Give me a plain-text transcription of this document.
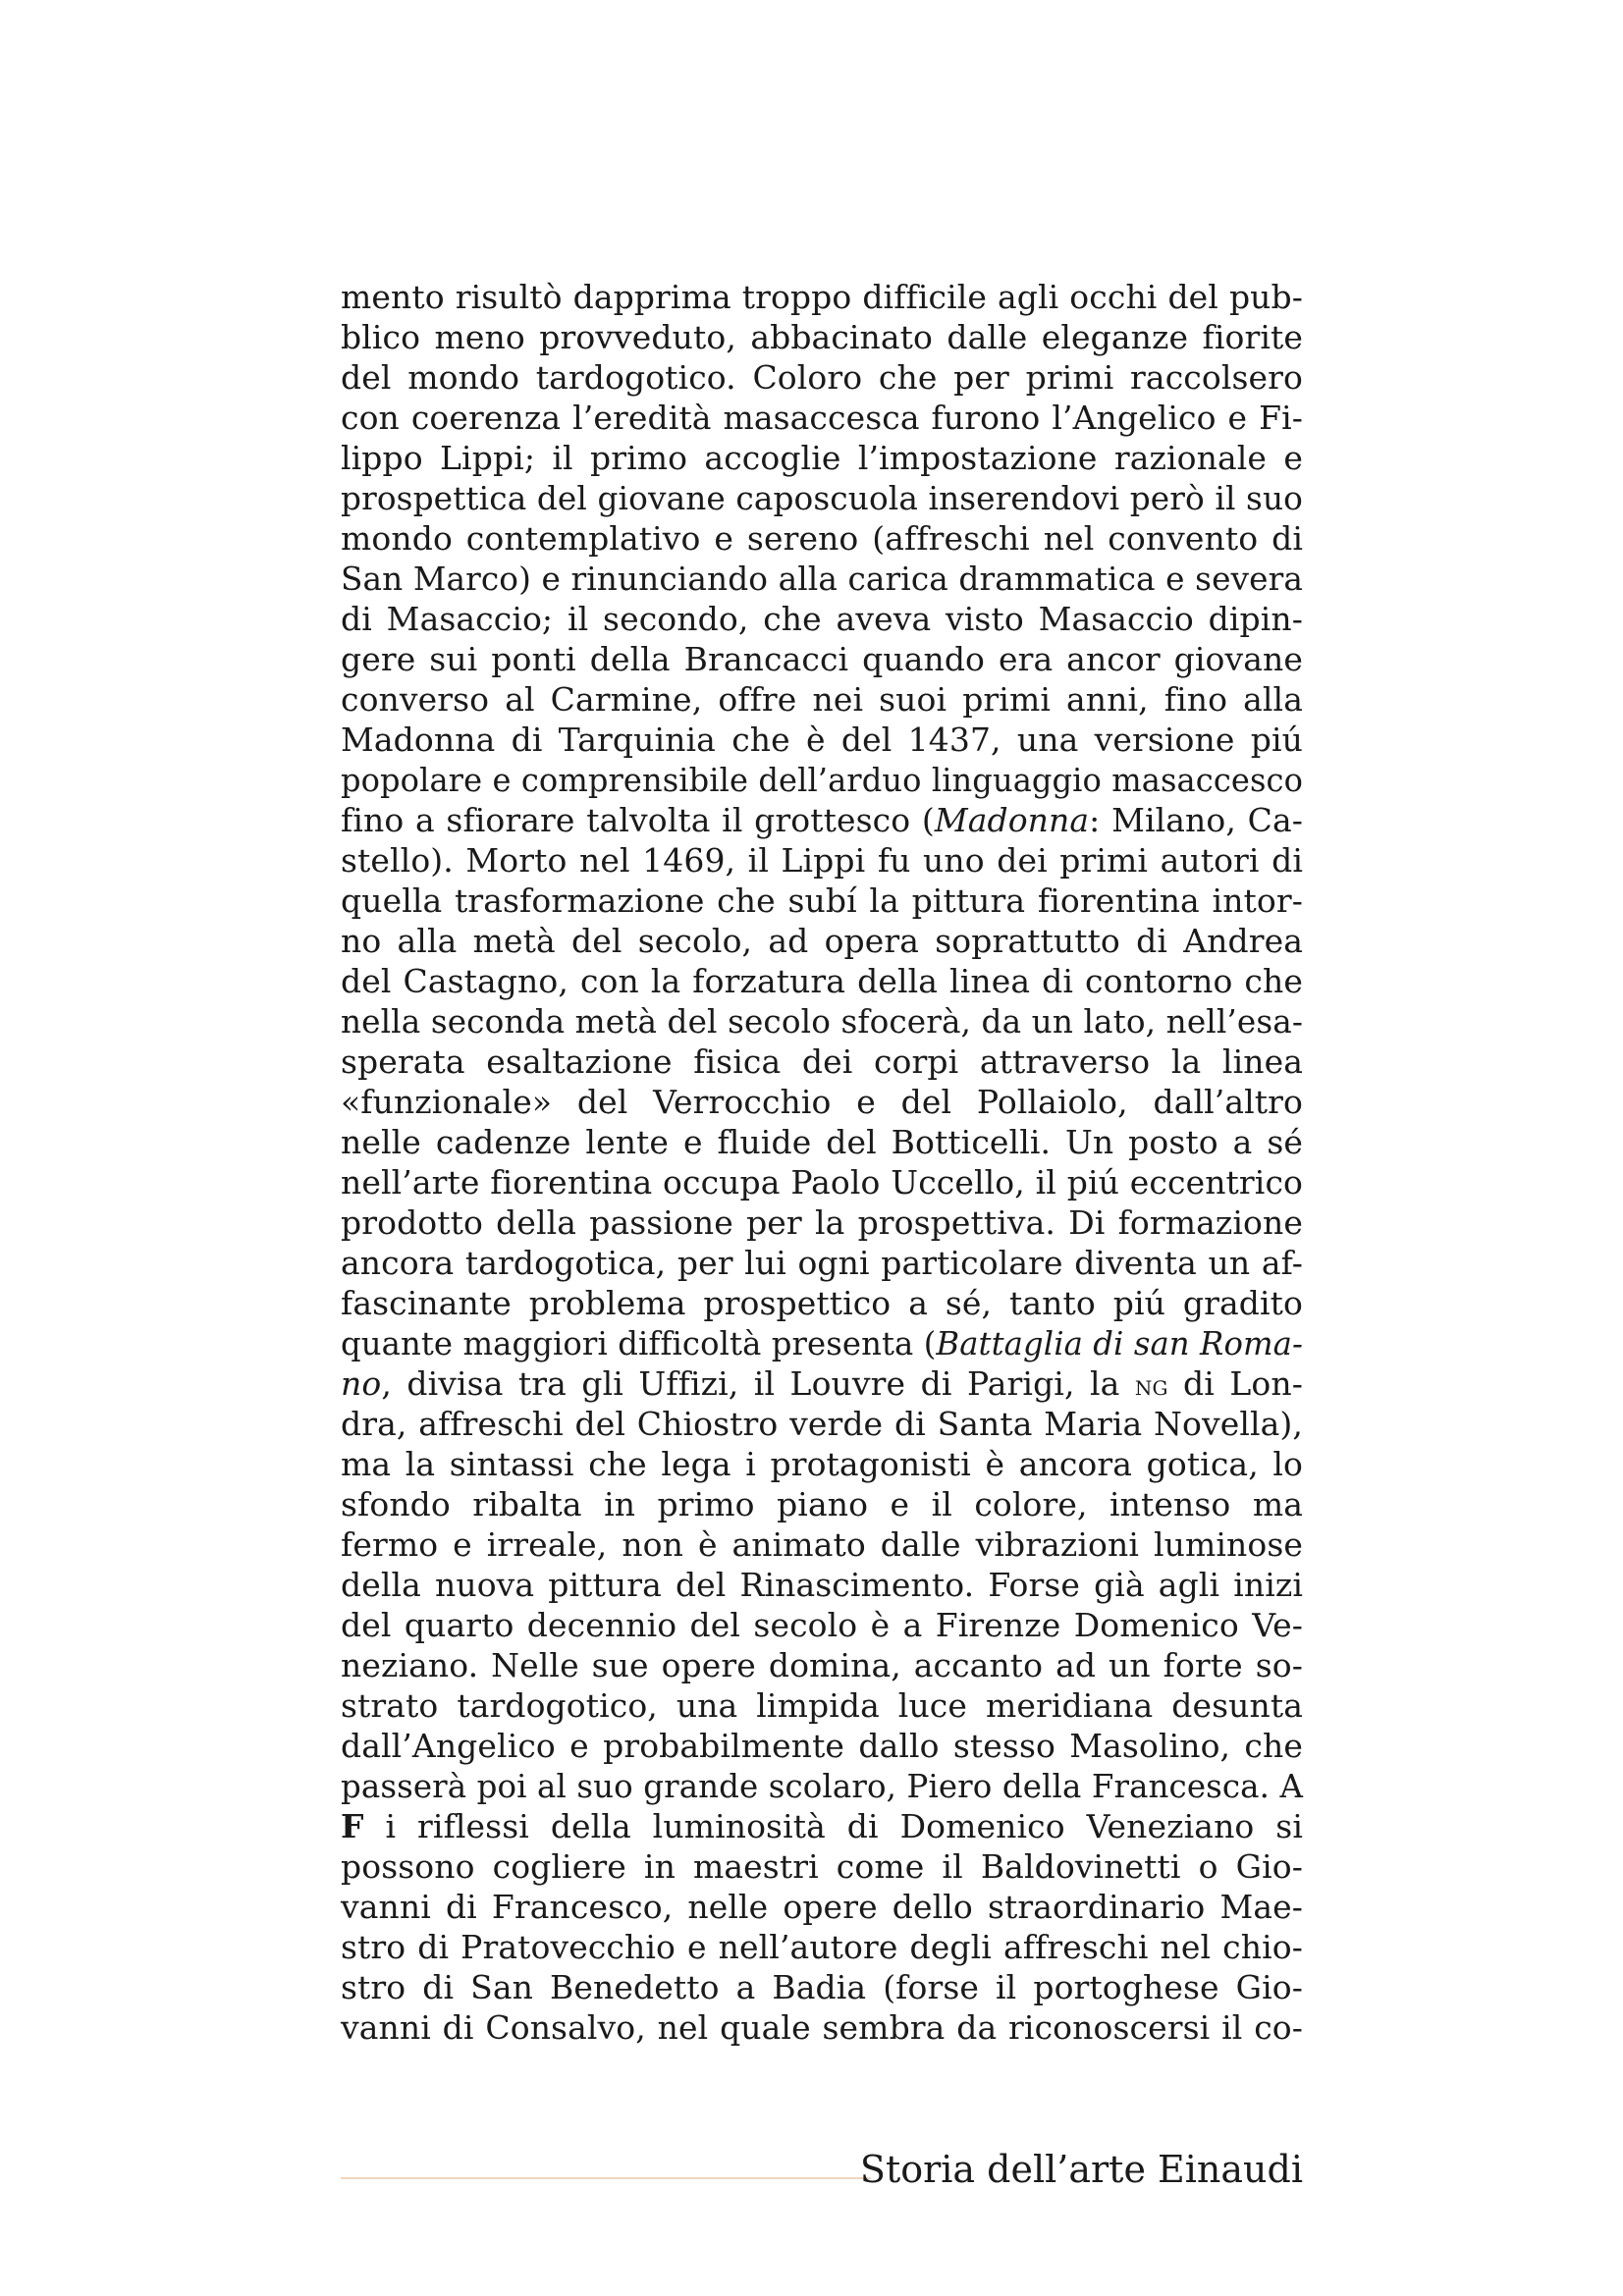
mento risultò dapprima troppo difficile agli occhi del pub-
blico meno provveduto, abbacinato dalle eleganze fiorite
del mondo tardogotico. Coloro che per primi raccolsero
con coerenza l’eredità masaccesca furono l’Angelico e Fi-
lippo Lippi; il primo accoglie l’impostazione razionale e
prospettica del giovane caposcuola inserendovi però il suo
mondo contemplativo e sereno (affreschi nel convento di
San Marco) e rinunciando alla carica drammatica e severa
di Masaccio; il secondo, che aveva visto Masaccio dipin-
gere sui ponti della Brancacci quando era ancor giovane
converso al Carmine, offre nei suoi primi anni, fino alla
Madonna di Tarquinia che è del 1437, una versione piú
popolare e comprensibile dell’arduo linguaggio masaccesco
fino a sfiorare talvolta il grottesco (Madonna: Milano, Ca-
stello). Morto nel 1469, il Lippi fu uno dei primi autori di
quella trasformazione che subí la pittura fiorentina intor-
no alla metà del secolo, ad opera soprattutto di Andrea
del Castagno, con la forzatura della linea di contorno che
nella seconda metà del secolo sfocerà, da un lato, nell’esa-
sperata esaltazione fisica dei corpi attraverso la linea
«funzionale» del Verrocchio e del Pollaiolo, dall’altro
nelle cadenze lente e fluide del Botticelli. Un posto a sé
nell’arte fiorentina occupa Paolo Uccello, il piú eccentrico
prodotto della passione per la prospettiva. Di formazione
ancora tardogotica, per lui ogni particolare diventa un af-
fascinante problema prospettico a sé, tanto piú gradito
quante maggiori difficoltà presenta (Battaglia di san Roma-
no, divisa tra gli Uffizi, il Louvre di Parigi, la ng di Lon-
dra, affreschi del Chiostro verde di Santa Maria Novella),
ma la sintassi che lega i protagonisti è ancora gotica, lo
sfondo ribalta in primo piano e il colore, intenso ma
fermo e irreale, non è animato dalle vibrazioni luminose
della nuova pittura del Rinascimento. Forse già agli inizi
del quarto decennio del secolo è a Firenze Domenico Ve-
neziano. Nelle sue opere domina, accanto ad un forte so-
strato tardogotico, una limpida luce meridiana desunta
dall’Angelico e probabilmente dallo stesso Masolino, che
passerà poi al suo grande scolaro, Piero della Francesca. A
F i riflessi della luminosità di Domenico Veneziano si
possono cogliere in maestri come il Baldovinetti o Gio-
vanni di Francesco, nelle opere dello straordinario Mae-
stro di Pratovecchio e nell’autore degli affreschi nel chio-
stro di San Benedetto a Badia (forse il portoghese Gio-
vanni di Consalvo, nel quale sembra da riconoscersi il co-
Storia dell’arte Einaudi
